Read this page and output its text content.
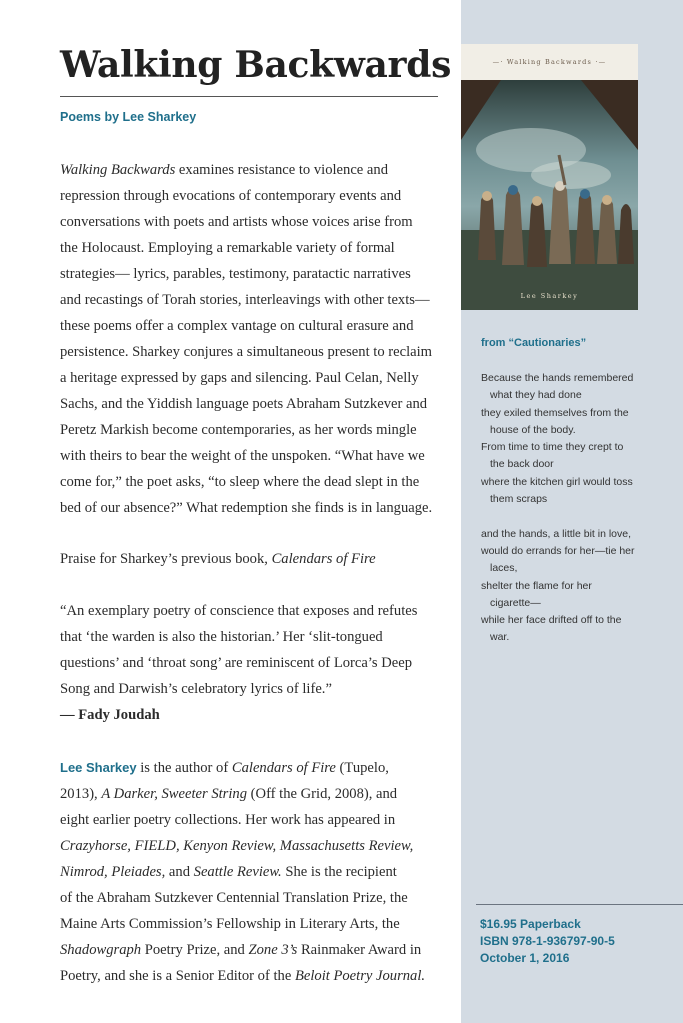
Walking Backwards
Poems by Lee Sharkey
Walking Backwards examines resistance to violence and
repression through evocations of contemporary events and
conversations with poets and artists whose voices arise from
the Holocaust. Employing a remarkable variety of formal
strategies— lyrics, parables, testimony, paratactic narratives
and recastings of Torah stories, interleavings with other texts—
these poems offer a complex vantage on cultural erasure and
persistence. Sharkey conjures a simultaneous present to reclaim
a heritage expressed by gaps and silencing. Paul Celan, Nelly
Sachs, and the Yiddish language poets Abraham Sutzkever and
Peretz Markish become contemporaries, as her words mingle
with theirs to bear the weight of the unspoken. “What have we
come for,” the poet asks, “to sleep where the dead slept in the
bed of our absence?” What redemption she finds is in language.
Praise for Sharkey’s previous book, Calendars of Fire
“An exemplary poetry of conscience that exposes and refutes
that ‘the warden is also the historian.’ Her ‘slit-tongued
questions’ and ‘throat song’ are reminiscent of Lorca’s Deep
Song and Darwish’s celebratory lyrics of life.”
— Fady Joudah
Lee Sharkey is the author of Calendars of Fire (Tupelo,
2013), A Darker, Sweeter String (Off the Grid, 2008), and
eight earlier poetry collections. Her work has appeared in
Crazyhorse, FIELD, Kenyon Review, Massachusetts Review,
Nimrod, Pleiades, and Seattle Review. She is the recipient
of the Abraham Sutzkever Centennial Translation Prize, the
Maine Arts Commission’s Fellowship in Literary Arts, the
Shadowgraph Poetry Prize, and Zone 3’s Rainmaker Award in
Poetry, and she is a Senior Editor of the Beloit Poetry Journal.
—· Walking Backwards ·—
Lee Sharkey
from “Cautionaries”
Because the hands remembered
what they had done
they exiled themselves from the
house of the body.
From time to time they crept to
the back door
where the kitchen girl would toss
them scraps
and the hands, a little bit in love,
would do errands for her—tie her
laces,
shelter the flame for her
cigarette—
while her face drifted off to the
war.
$16.95 Paperback
ISBN 978-1-936797-90-5
October 1, 2016
